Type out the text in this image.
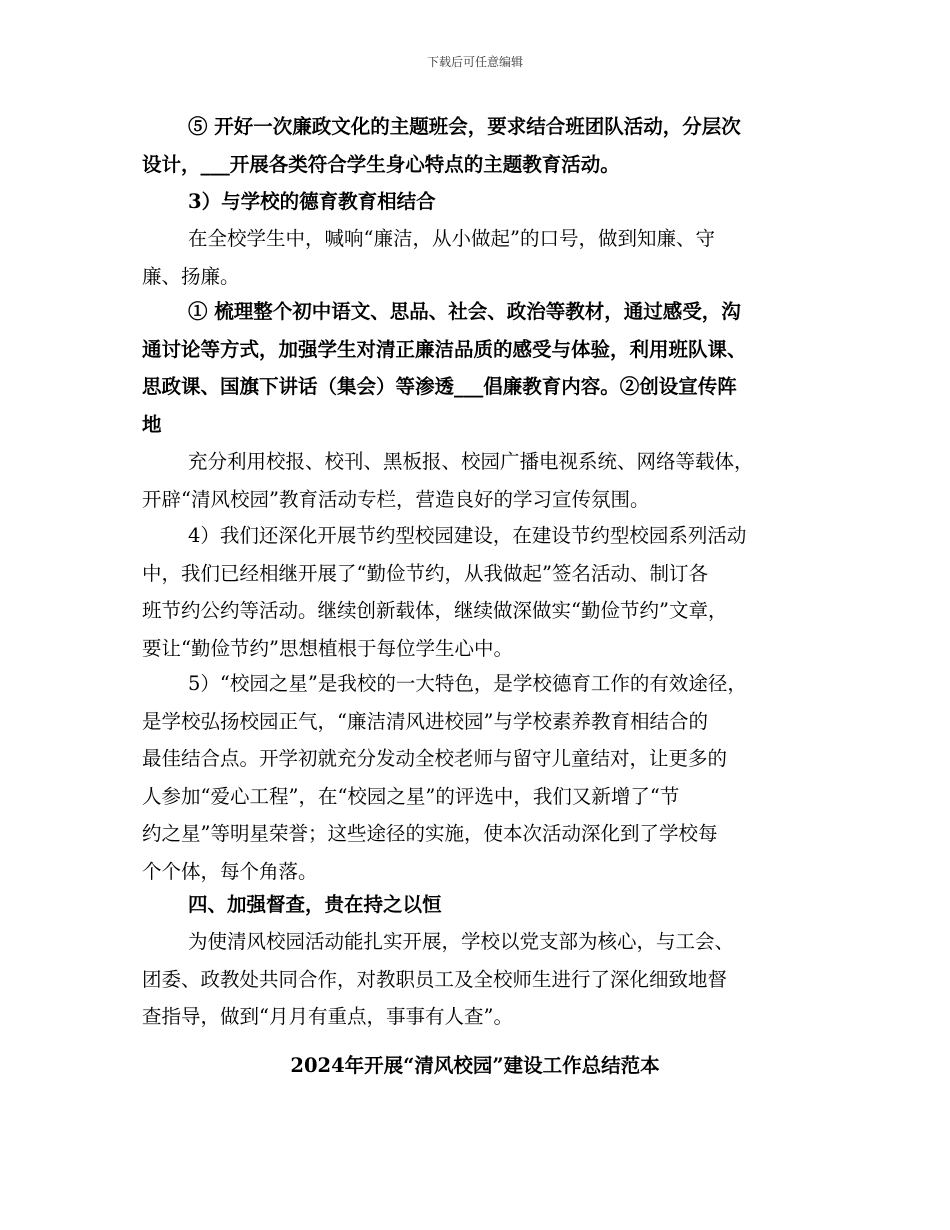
下载后可任意编辑
⑤ 开好一次廉政文化的主题班会，要求结合班团队活动，分层次
设计，___开展各类符合学生身心特点的主题教育活动。
3）与学校的德育教育相结合
在全校学生中，喊响“廉洁，从小做起”的口号，做到知廉、守
廉、扬廉。
① 梳理整个初中语文、思品、社会、政治等教材，通过感受，沟
通讨论等方式，加强学生对清正廉洁品质的感受与体验，利用班队课、
思政课、国旗下讲话（集会）等渗透___倡廉教育内容。②创设宣传阵
地
充分利用校报、校刊、黑板报、校园广播电视系统、网络等载体，
开辟“清风校园”教育活动专栏，营造良好的学习宣传氛围。
4）我们还深化开展节约型校园建设，在建设节约型校园系列活动
中，我们已经相继开展了“勤俭节约，从我做起”签名活动、制订各
班节约公约等活动。继续创新载体，继续做深做实“勤俭节约”文章，
要让“勤俭节约”思想植根于每位学生心中。
5）“校园之星”是我校的一大特色，是学校德育工作的有效途径，
是学校弘扬校园正气，“廉洁清风进校园”与学校素养教育相结合的
最佳结合点。开学初就充分发动全校老师与留守儿童结对，让更多的
人参加“爱心工程”，在“校园之星”的评选中，我们又新增了“节
约之星”等明星荣誉；这些途径的实施，使本次活动深化到了学校每
个个体，每个角落。
四、加强督查，贵在持之以恒
为使清风校园活动能扎实开展，学校以党支部为核心，与工会、
团委、政教处共同合作，对教职员工及全校师生进行了深化细致地督
查指导，做到“月月有重点，事事有人查”。
2024年开展“清风校园”建设工作总结范本
